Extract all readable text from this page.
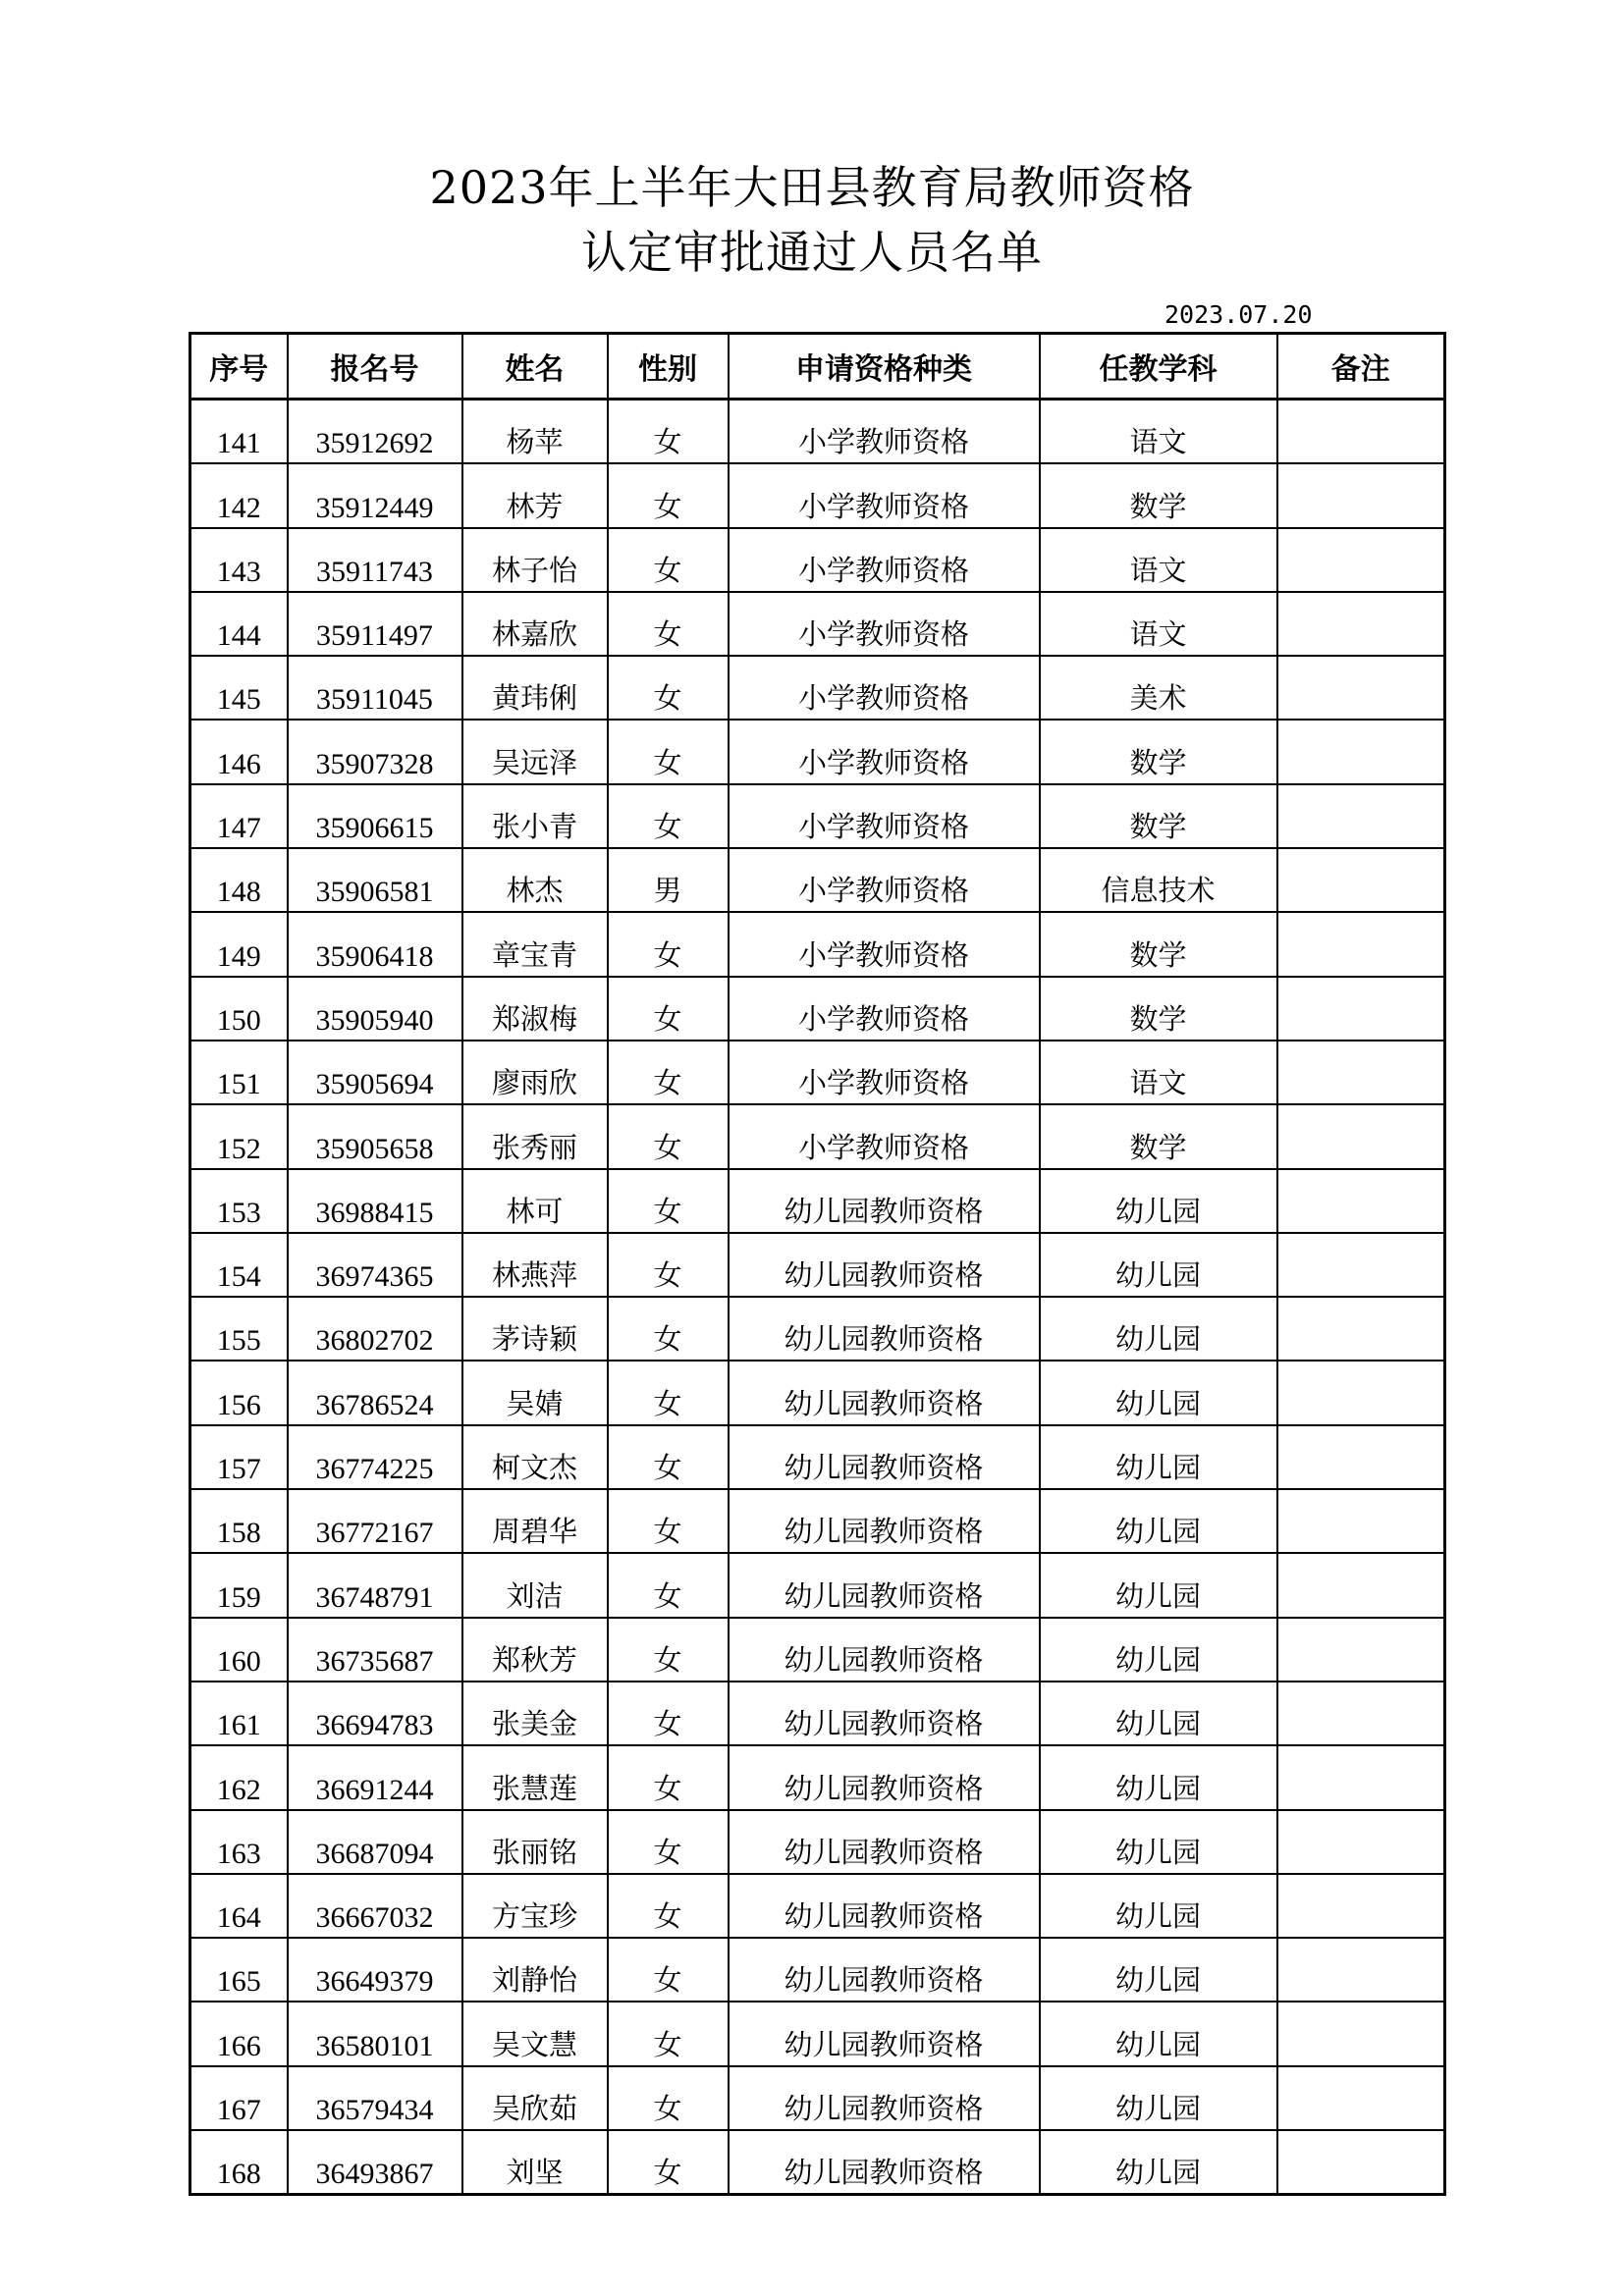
2023年上半年大田县教育局教师资格
认定审批通过人员名单
2023.07.20
序号	报名号	姓名	性别	申请资格种类	任教学科	备注
141	35912692	杨苹	女	小学教师资格	语文	
142	35912449	林芳	女	小学教师资格	数学	
143	35911743	林子怡	女	小学教师资格	语文	
144	35911497	林嘉欣	女	小学教师资格	语文	
145	35911045	黄玮俐	女	小学教师资格	美术	
146	35907328	吴远泽	女	小学教师资格	数学	
147	35906615	张小青	女	小学教师资格	数学	
148	35906581	林杰	男	小学教师资格	信息技术	
149	35906418	章宝青	女	小学教师资格	数学	
150	35905940	郑淑梅	女	小学教师资格	数学	
151	35905694	廖雨欣	女	小学教师资格	语文	
152	35905658	张秀丽	女	小学教师资格	数学	
153	36988415	林可	女	幼儿园教师资格	幼儿园	
154	36974365	林燕萍	女	幼儿园教师资格	幼儿园	
155	36802702	茅诗颖	女	幼儿园教师资格	幼儿园	
156	36786524	吴婧	女	幼儿园教师资格	幼儿园	
157	36774225	柯文杰	女	幼儿园教师资格	幼儿园	
158	36772167	周碧华	女	幼儿园教师资格	幼儿园	
159	36748791	刘洁	女	幼儿园教师资格	幼儿园	
160	36735687	郑秋芳	女	幼儿园教师资格	幼儿园	
161	36694783	张美金	女	幼儿园教师资格	幼儿园	
162	36691244	张慧莲	女	幼儿园教师资格	幼儿园	
163	36687094	张丽铭	女	幼儿园教师资格	幼儿园	
164	36667032	方宝珍	女	幼儿园教师资格	幼儿园	
165	36649379	刘静怡	女	幼儿园教师资格	幼儿园	
166	36580101	吴文慧	女	幼儿园教师资格	幼儿园	
167	36579434	吴欣茹	女	幼儿园教师资格	幼儿园	
168	36493867	刘坚	女	幼儿园教师资格	幼儿园	
